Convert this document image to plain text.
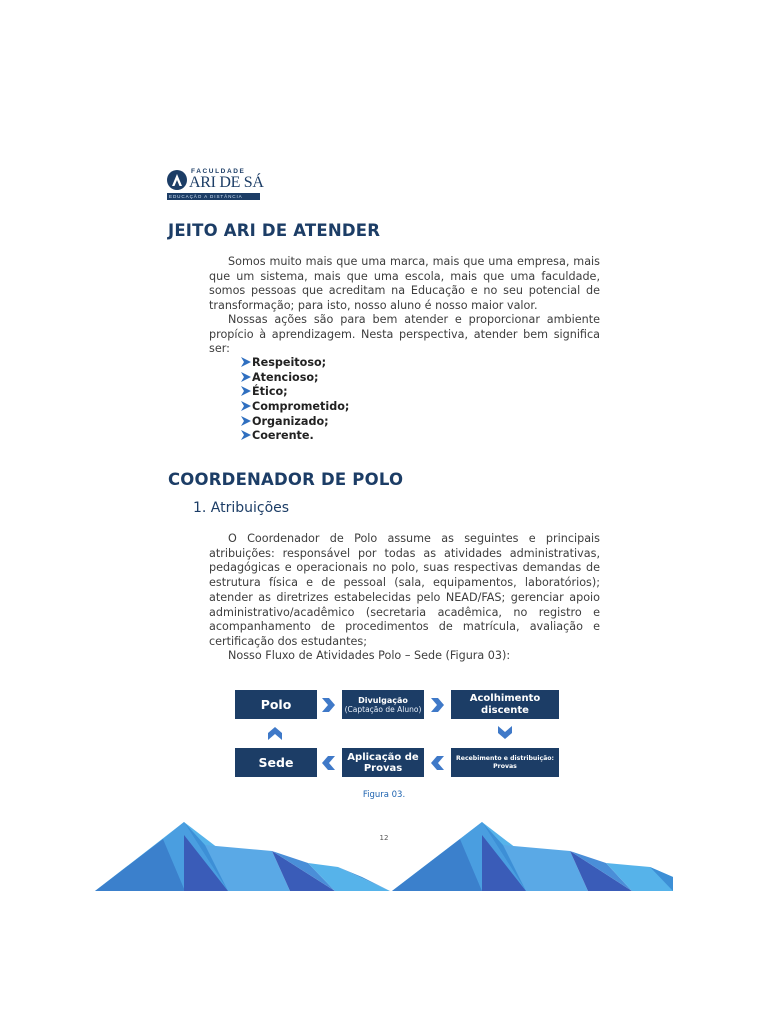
FACULDADE
ARI DE SÁ
EDUCAÇÃO A DISTÂNCIA
JEITO ARI DE ATENDER

Somos muito mais que uma marca, mais que uma empresa, mais que um sistema, mais que uma escola, mais que uma faculdade, somos pessoas que acreditam na Educação e no seu potencial de transformação; para isto, nosso aluno é nosso maior valor.

Nossas ações são para bem atender e proporcionar ambiente propício à aprendizagem. Nesta perspectiva, atender bem significa ser:

Respeitoso;
Atencioso;
Ético;
Comprometido;
Organizado;
Coerente.
COORDENADOR DE POLO
1. Atribuições

O Coordenador de Polo assume as seguintes e principais atribuições: responsável por todas as atividades administrativas, pedagógicas e operacionais no polo, suas respectivas demandas de estrutura física e de pessoal (sala, equipamentos, laboratórios); atender as diretrizes estabelecidas pelo NEAD/FAS; gerenciar apoio administrativo/acadêmico (secretaria acadêmica, no registro e acompanhamento de procedimentos de matrícula, avaliação e certificação dos estudantes;

Nosso Fluxo de Atividades Polo – Sede (Figura 03):

Polo	Divulgação
(Captação de Aluno)
Acolhimento
discente
Sede	Aplicação de
Provas
Recebimento e distribuição:
Provas
Figura 03.
12
